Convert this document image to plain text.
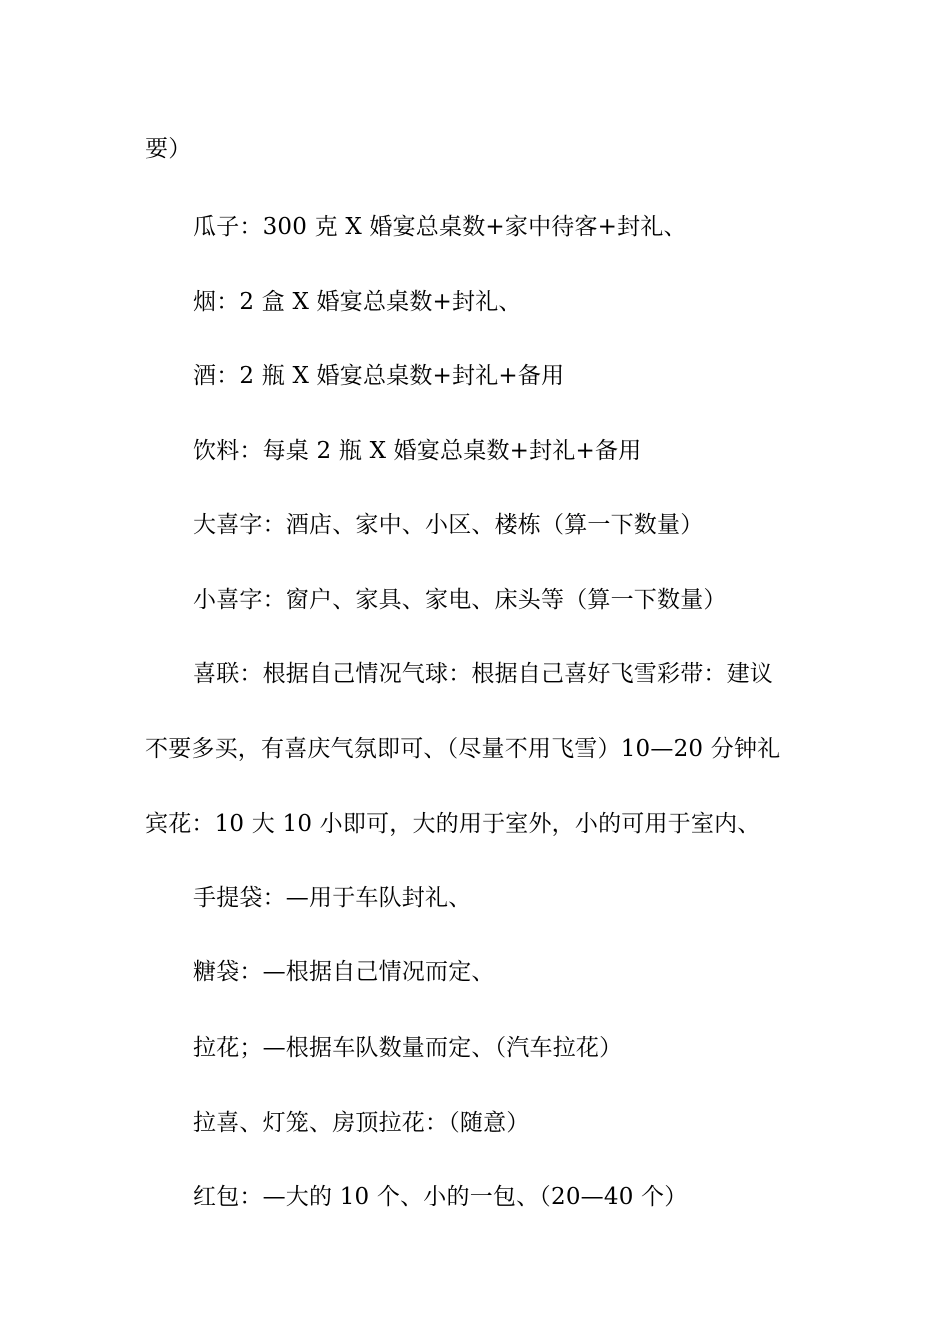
要）
瓜子：300 克 X 婚宴总桌数+家中待客+封礼、
烟：2 盒 X 婚宴总桌数+封礼、
酒：2 瓶 X 婚宴总桌数+封礼+备用
饮料：每桌 2 瓶 X 婚宴总桌数+封礼+备用
大喜字：酒店、家中、小区、楼栋（算一下数量）
小喜字：窗户、家具、家电、床头等（算一下数量）
喜联：根据自己情况气球：根据自己喜好飞雪彩带：建议
不要多买，有喜庆气氛即可、（尽量不用飞雪）10—20 分钟礼
宾花：10 大 10 小即可，大的用于室外，小的可用于室内、
手提袋：—用于车队封礼、
糖袋：—根据自己情况而定、
拉花；—根据车队数量而定、（汽车拉花）
拉喜、灯笼、房顶拉花：（随意）
红包：—大的 10 个、小的一包、（20—40 个）
